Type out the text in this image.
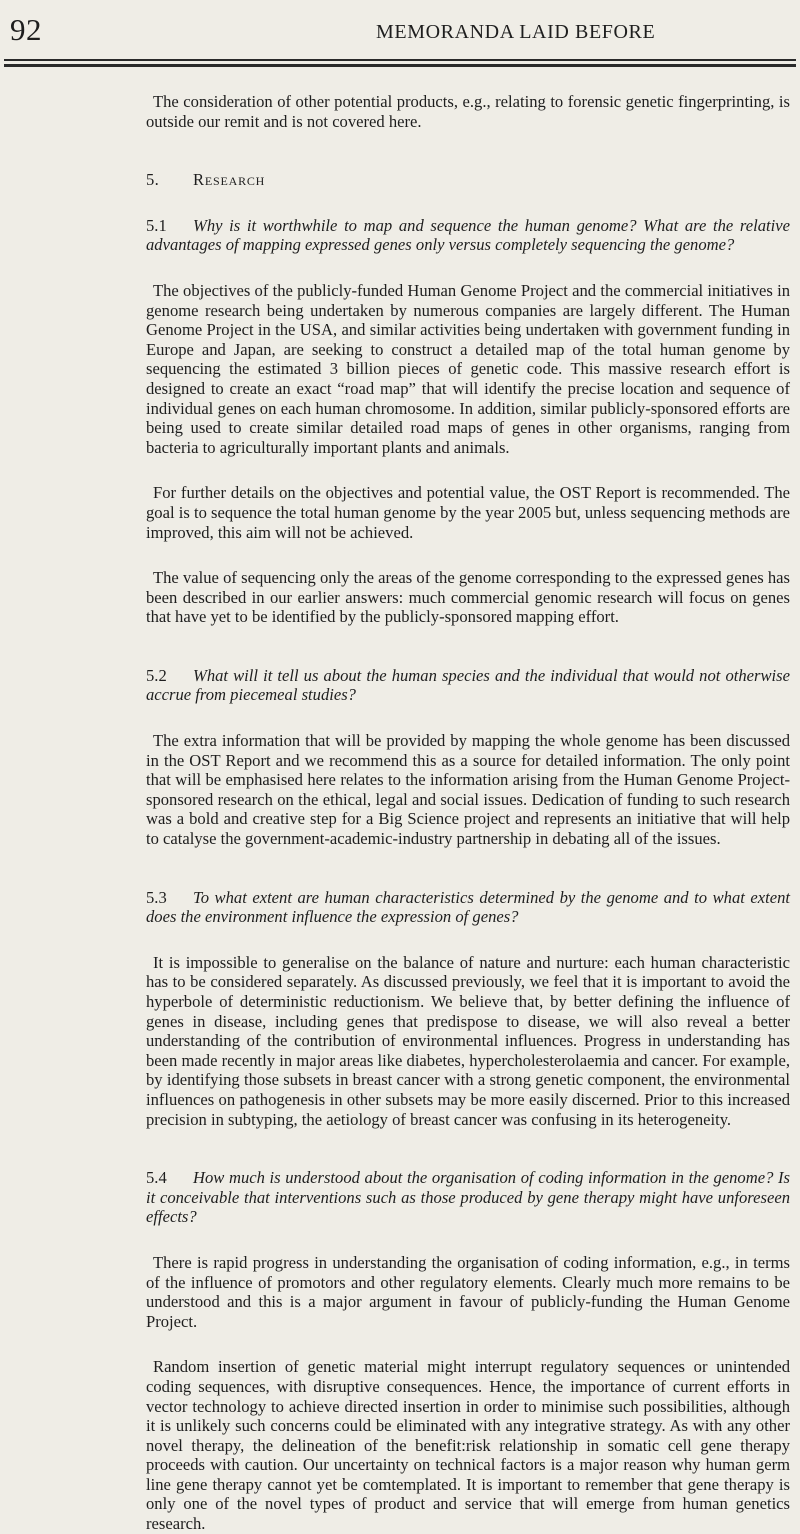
92	MEMORANDA LAID BEFORE

The consideration of other potential products, e.g., relating to forensic genetic fingerprinting, is outside our remit and is not covered here.

5. Research

5.1 Why is it worthwhile to map and sequence the human genome? What are the relative advantages of mapping expressed genes only versus completely sequencing the genome?

The objectives of the publicly-funded Human Genome Project and the commercial initiatives in genome research being undertaken by numerous companies are largely different. The Human Genome Project in the USA, and similar activities being undertaken with government funding in Europe and Japan, are seeking to construct a detailed map of the total human genome by sequencing the estimated 3 billion pieces of genetic code. This massive research effort is designed to create an exact “road map” that will identify the precise location and sequence of individual genes on each human chromosome. In addition, similar publicly-sponsored efforts are being used to create similar detailed road maps of genes in other organisms, ranging from bacteria to agriculturally important plants and animals.

For further details on the objectives and potential value, the OST Report is recommended. The goal is to sequence the total human genome by the year 2005 but, unless sequencing methods are improved, this aim will not be achieved.

The value of sequencing only the areas of the genome corresponding to the expressed genes has been described in our earlier answers: much commercial genomic research will focus on genes that have yet to be identified by the publicly-sponsored mapping effort.

5.2 What will it tell us about the human species and the individual that would not otherwise accrue from piecemeal studies?

The extra information that will be provided by mapping the whole genome has been discussed in the OST Report and we recommend this as a source for detailed information. The only point that will be emphasised here relates to the information arising from the Human Genome Project-sponsored research on the ethical, legal and social issues. Dedication of funding to such research was a bold and creative step for a Big Science project and represents an initiative that will help to catalyse the government-academic-industry partnership in debating all of the issues.

5.3 To what extent are human characteristics determined by the genome and to what extent does the environment influence the expression of genes?

It is impossible to generalise on the balance of nature and nurture: each human characteristic has to be considered separately. As discussed previously, we feel that it is important to avoid the hyperbole of deterministic reductionism. We believe that, by better defining the influence of genes in disease, including genes that predispose to disease, we will also reveal a better understanding of the contribution of environmental influences. Progress in understanding has been made recently in major areas like diabetes, hypercholesterolaemia and cancer. For example, by identifying those subsets in breast cancer with a strong genetic component, the environmental influences on pathogenesis in other subsets may be more easily discerned. Prior to this increased precision in subtyping, the aetiology of breast cancer was confusing in its heterogeneity.

5.4 How much is understood about the organisation of coding information in the genome? Is it conceivable that interventions such as those produced by gene therapy might have unforeseen effects?

There is rapid progress in understanding the organisation of coding information, e.g., in terms of the influence of promotors and other regulatory elements. Clearly much more remains to be understood and this is a major argument in favour of publicly-funding the Human Genome Project.

Random insertion of genetic material might interrupt regulatory sequences or unintended coding sequences, with disruptive consequences. Hence, the importance of current efforts in vector technology to achieve directed insertion in order to minimise such possibilities, although it is unlikely such concerns could be eliminated with any integrative strategy. As with any other novel therapy, the delineation of the benefit:risk relationship in somatic cell gene therapy proceeds with caution. Our uncertainty on technical factors is a major reason why human germ line gene therapy cannot yet be comtemplated. It is important to remember that gene therapy is only one of the novel types of product and service that will emerge from human genetics research.
